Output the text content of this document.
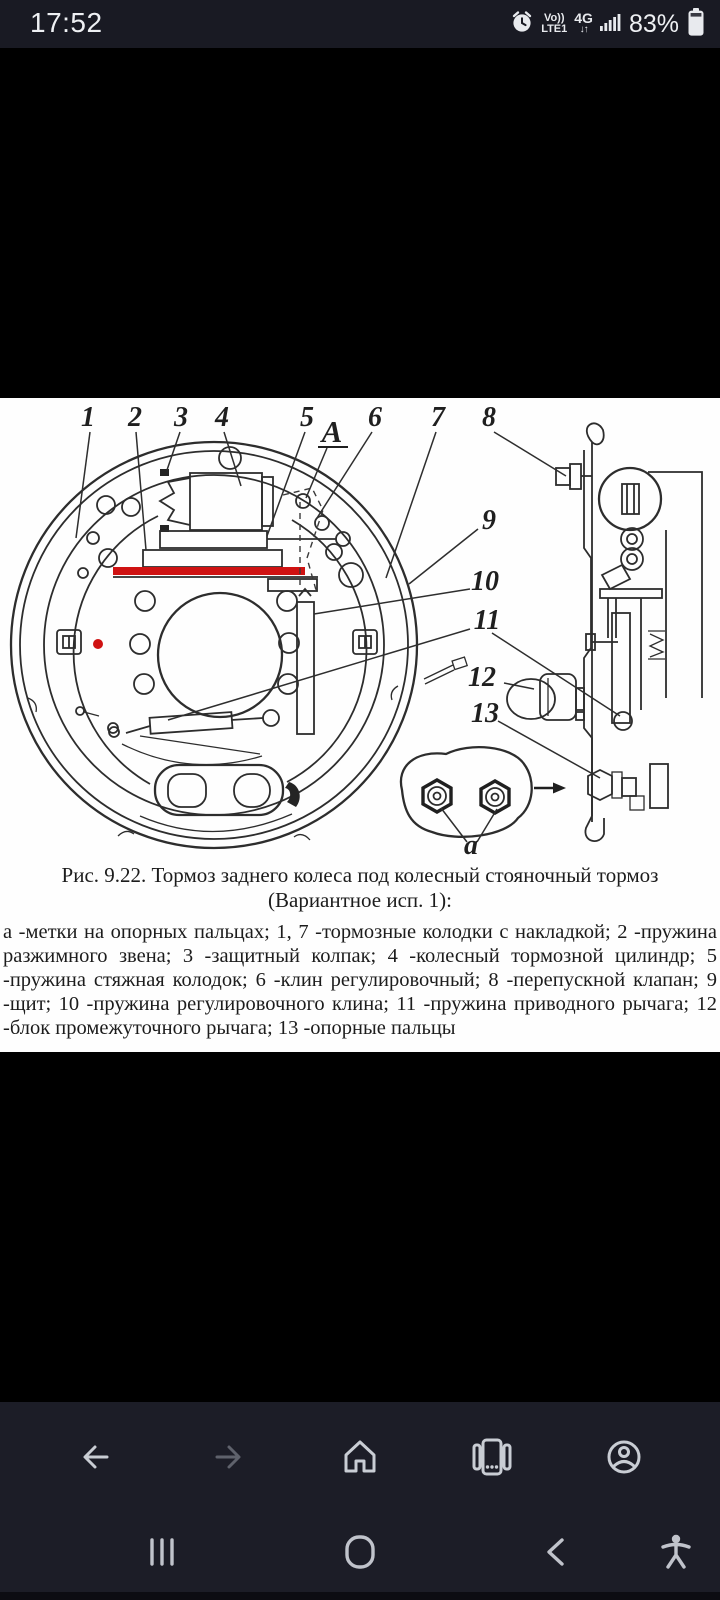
17:52	Vo))
LTE1
4G
↓↑ 83%
1 2 3 4	5 A 6 7 8
9
10
11
12
13
a
Рис. 9.22. Тормоз заднего колеса под колесный стояночный тормоз
(Вариантное исп. 1):
а -метки на опорных пальцах; 1, 7 -тормозные колодки с накладкой; 2 -пружина разжимного звена; 3 -защитный колпак; 4 -колесный тормозной цилиндр; 5 -пружина стяжная колодок; 6 -клин регулировочный; 8 -перепускной клапан; 9 -щит; 10 -пружина регулировочного клина; 11 -пружина приводного рычага; 12 -блок промежуточного рычага; 13 -опорные пальцы
